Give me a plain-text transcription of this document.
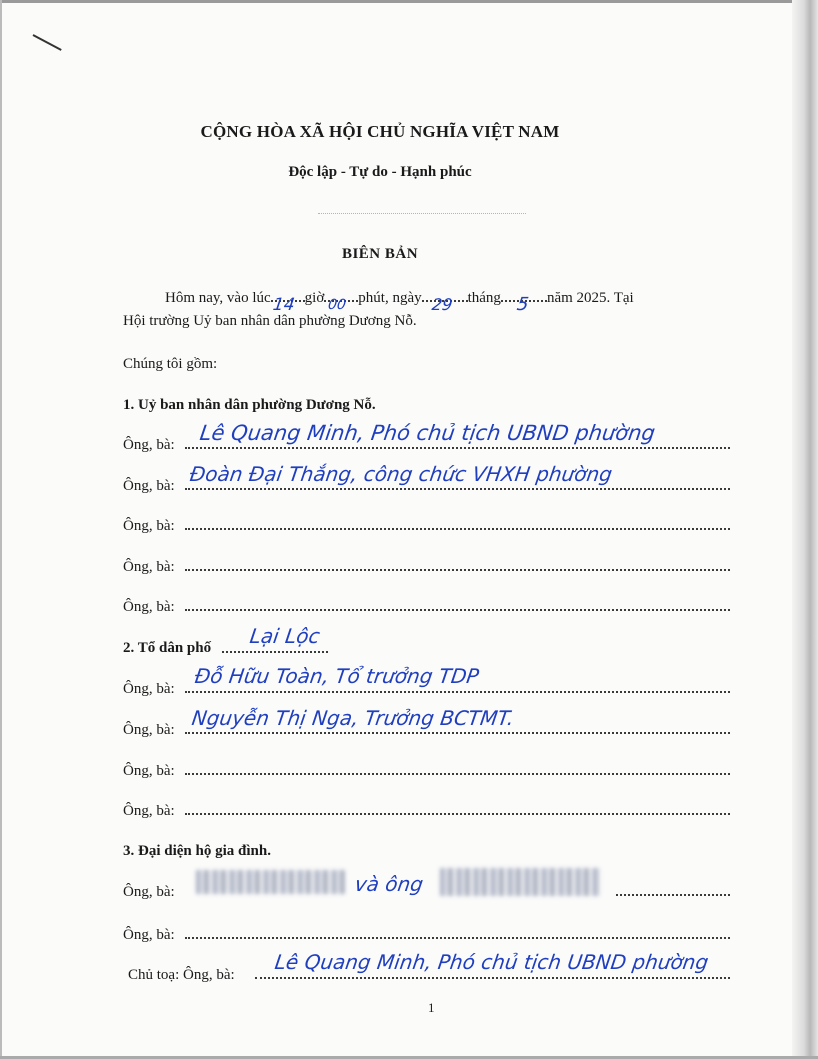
CỘNG HÒA XÃ HỘI CHỦ NGHĨA VIỆT NAM
Độc lập - Tự do - Hạnh phúc
BIÊN BẢN
Hôm nay, vào lúc 14 giờ 00 phút, ngày 29 tháng 5 năm 2025. Tại
Hội trường Uỷ ban nhân dân phường Dương Nỗ.
Chúng tôi gồm:
1. Uỷ ban nhân dân phường Dương Nỗ.
Ông, bà: Lê Quang Minh, Phó chủ tịch UBND phường
Ông, bà: Đoàn Đại Thắng, công chức VHXH phường
Ông, bà:
Ông, bà:
Ông, bà:
2. Tổ dân phố Lại Lộc
Ông, bà:
Đỗ Hữu Toàn, Tổ trưởng TDP
Ông, bà: Nguyễn Thị Nga, Trưởng BCTMT.
Ông, bà:
Ông, bà:
3. Đại diện hộ gia đình.
Ông, bà:	và ông
Ông, bà:
Chủ toạ: Ông, bà:
Lê Quang Minh, Phó chủ tịch UBND phường
1
